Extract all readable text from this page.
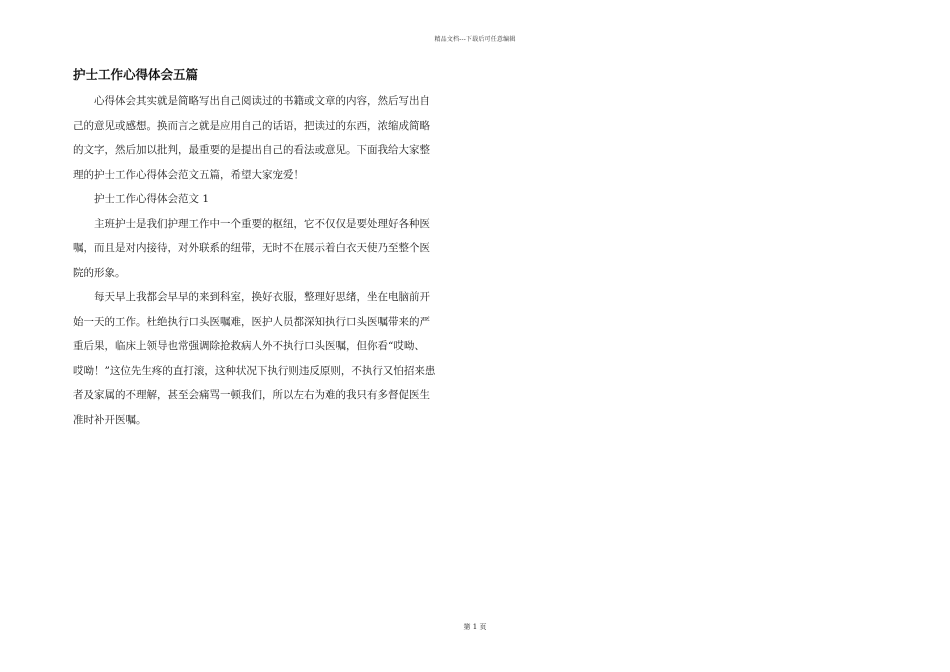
精品文档---下载后可任意编辑
护士工作心得体会五篇

心得体会其实就是简略写出自己阅读过的书籍或文章的内容，然后写出自
己的意见或感想。换而言之就是应用自己的话语，把读过的东西，浓缩成简略
的文字，然后加以批判，最重要的是提出自己的看法或意见。下面我给大家整
理的护士工作心得体会范文五篇，希望大家宠爱！

护士工作心得体会范文 1

主班护士是我们护理工作中一个重要的枢纽，它不仅仅是要处理好各种医
嘱，而且是对内接待，对外联系的纽带，无时不在展示着白衣天使乃至整个医
院的形象。

每天早上我都会早早的来到科室，换好衣服，整理好思绪，坐在电脑前开
始一天的工作。杜绝执行口头医嘱难，医护人员都深知执行口头医嘱带来的严
重后果，临床上领导也常强调除抢救病人外不执行口头医嘱，但你看“哎呦、
哎呦！”这位先生疼的直打滚，这种状况下执行则违反原则，不执行又怕招来患
者及家属的不理解，甚至会痛骂一顿我们，所以左右为难的我只有多督促医生
准时补开医嘱。

第 1 页
